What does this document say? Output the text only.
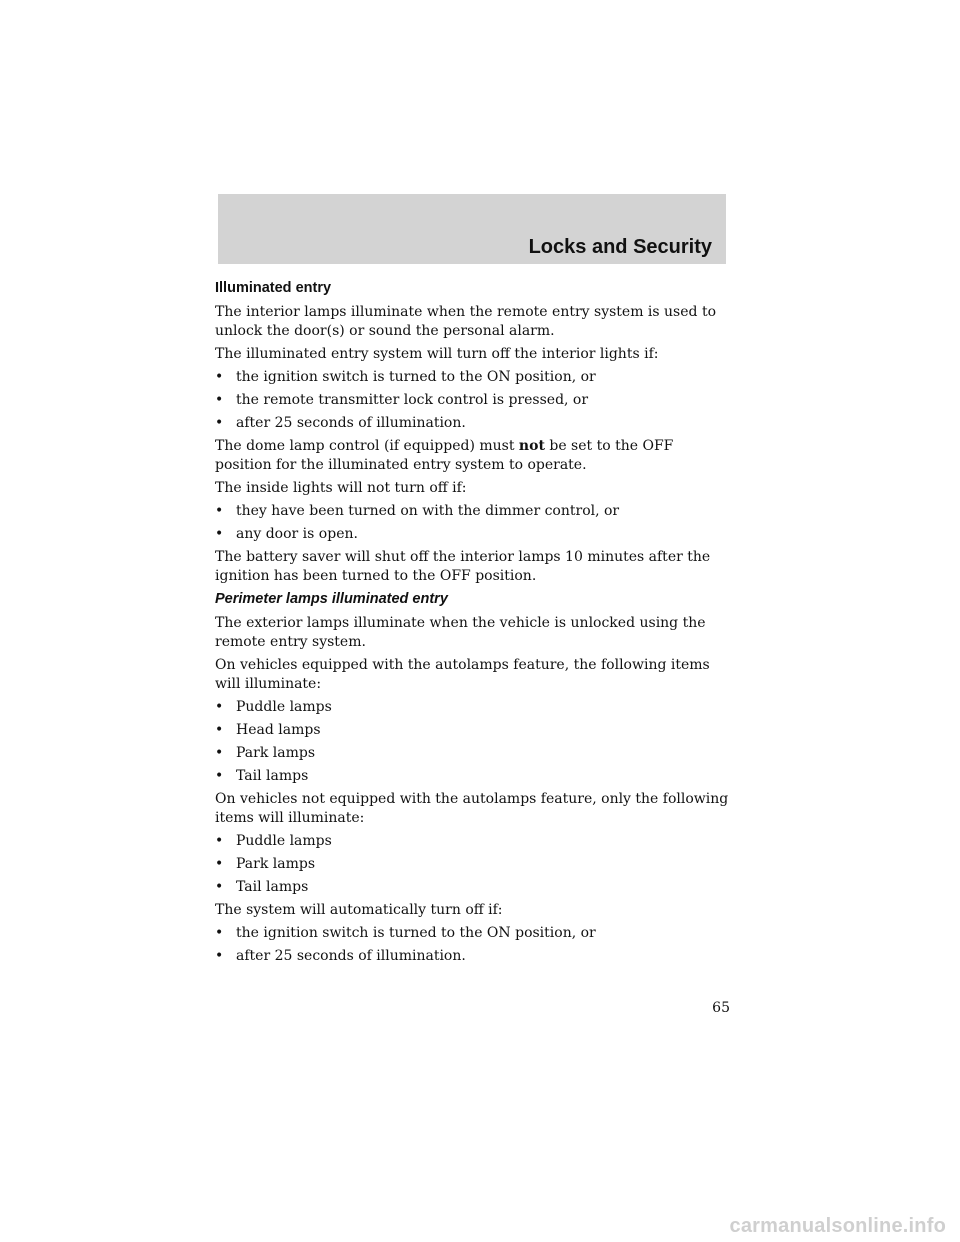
Locks and Security
Illuminated entry

The interior lamps illuminate when the remote entry system is used to unlock the door(s) or sound the personal alarm.

The illuminated entry system will turn off the interior lights if:

• the ignition switch is turned to the ON position, or
• the remote transmitter lock control is pressed, or
• after 25 seconds of illumination.

The dome lamp control (if equipped) must not be set to the OFF position for the illuminated entry system to operate.

The inside lights will not turn off if:

• they have been turned on with the dimmer control, or
• any door is open.

The battery saver will shut off the interior lamps 10 minutes after the ignition has been turned to the OFF position.

Perimeter lamps illuminated entry

The exterior lamps illuminate when the vehicle is unlocked using the remote entry system.

On vehicles equipped with the autolamps feature, the following items will illuminate:

• Puddle lamps
• Head lamps
• Park lamps
• Tail lamps

On vehicles not equipped with the autolamps feature, only the following items will illuminate:

• Puddle lamps
• Park lamps
• Tail lamps

The system will automatically turn off if:

• the ignition switch is turned to the ON position, or
• after 25 seconds of illumination.
65
carmanualsonline.info
